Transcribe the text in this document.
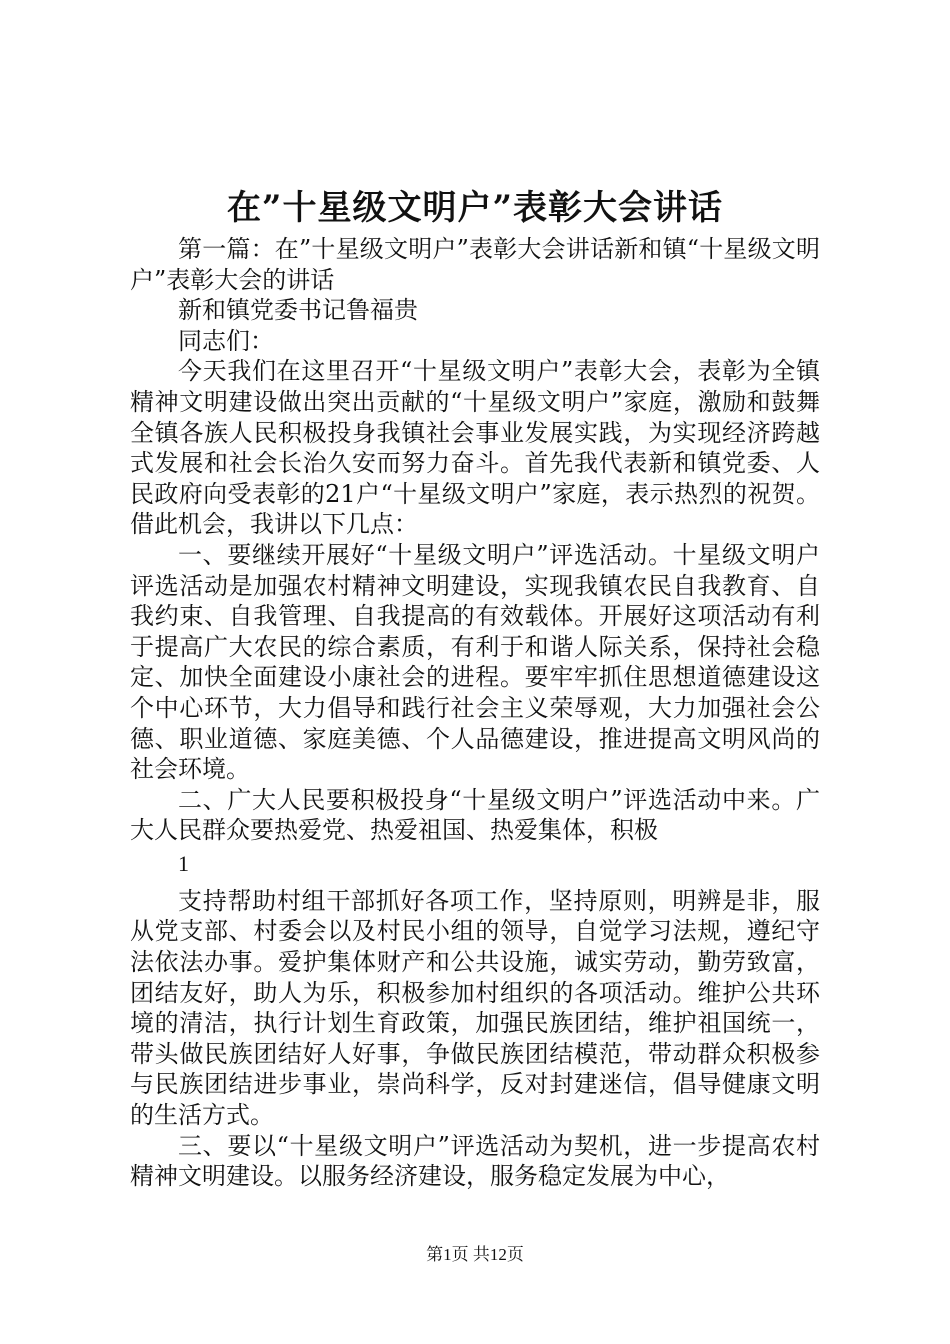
在”十星级文明户”表彰大会讲话

第一篇：在”十星级文明户”表彰大会讲话新和镇“十星级文明户”表彰大会的讲话

新和镇党委书记鲁福贵

同志们：

今天我们在这里召开“十星级文明户”表彰大会，表彰为全镇精神文明建设做出突出贡献的“十星级文明户”家庭，激励和鼓舞全镇各族人民积极投身我镇社会事业发展实践，为实现经济跨越式发展和社会长治久安而努力奋斗。首先我代表新和镇党委、人民政府向受表彰的21户“十星级文明户”家庭，表示热烈的祝贺。借此机会，我讲以下几点：

一、要继续开展好“十星级文明户”评选活动。十星级文明户评选活动是加强农村精神文明建设，实现我镇农民自我教育、自我约束、自我管理、自我提高的有效载体。开展好这项活动有利于提高广大农民的综合素质，有利于和谐人际关系，保持社会稳定、加快全面建设小康社会的进程。要牢牢抓住思想道德建设这个中心环节，大力倡导和践行社会主义荣辱观，大力加强社会公德、职业道德、家庭美德、个人品德建设，推进提高文明风尚的社会环境。

二、广大人民要积极投身“十星级文明户”评选活动中来。广大人民群众要热爱党、热爱祖国、热爱集体，积极

1

支持帮助村组干部抓好各项工作，坚持原则，明辨是非，服从党支部、村委会以及村民小组的领导，自觉学习法规，遵纪守法依法办事。爱护集体财产和公共设施，诚实劳动，勤劳致富，团结友好，助人为乐，积极参加村组织的各项活动。维护公共环境的清洁，执行计划生育政策，加强民族团结，维护祖国统一，带头做民族团结好人好事，争做民族团结模范，带动群众积极参与民族团结进步事业，崇尚科学，反对封建迷信，倡导健康文明的生活方式。

三、要以“十星级文明户”评选活动为契机，进一步提高农村精神文明建设。以服务经济建设，服务稳定发展为中心，

第1页 共12页
